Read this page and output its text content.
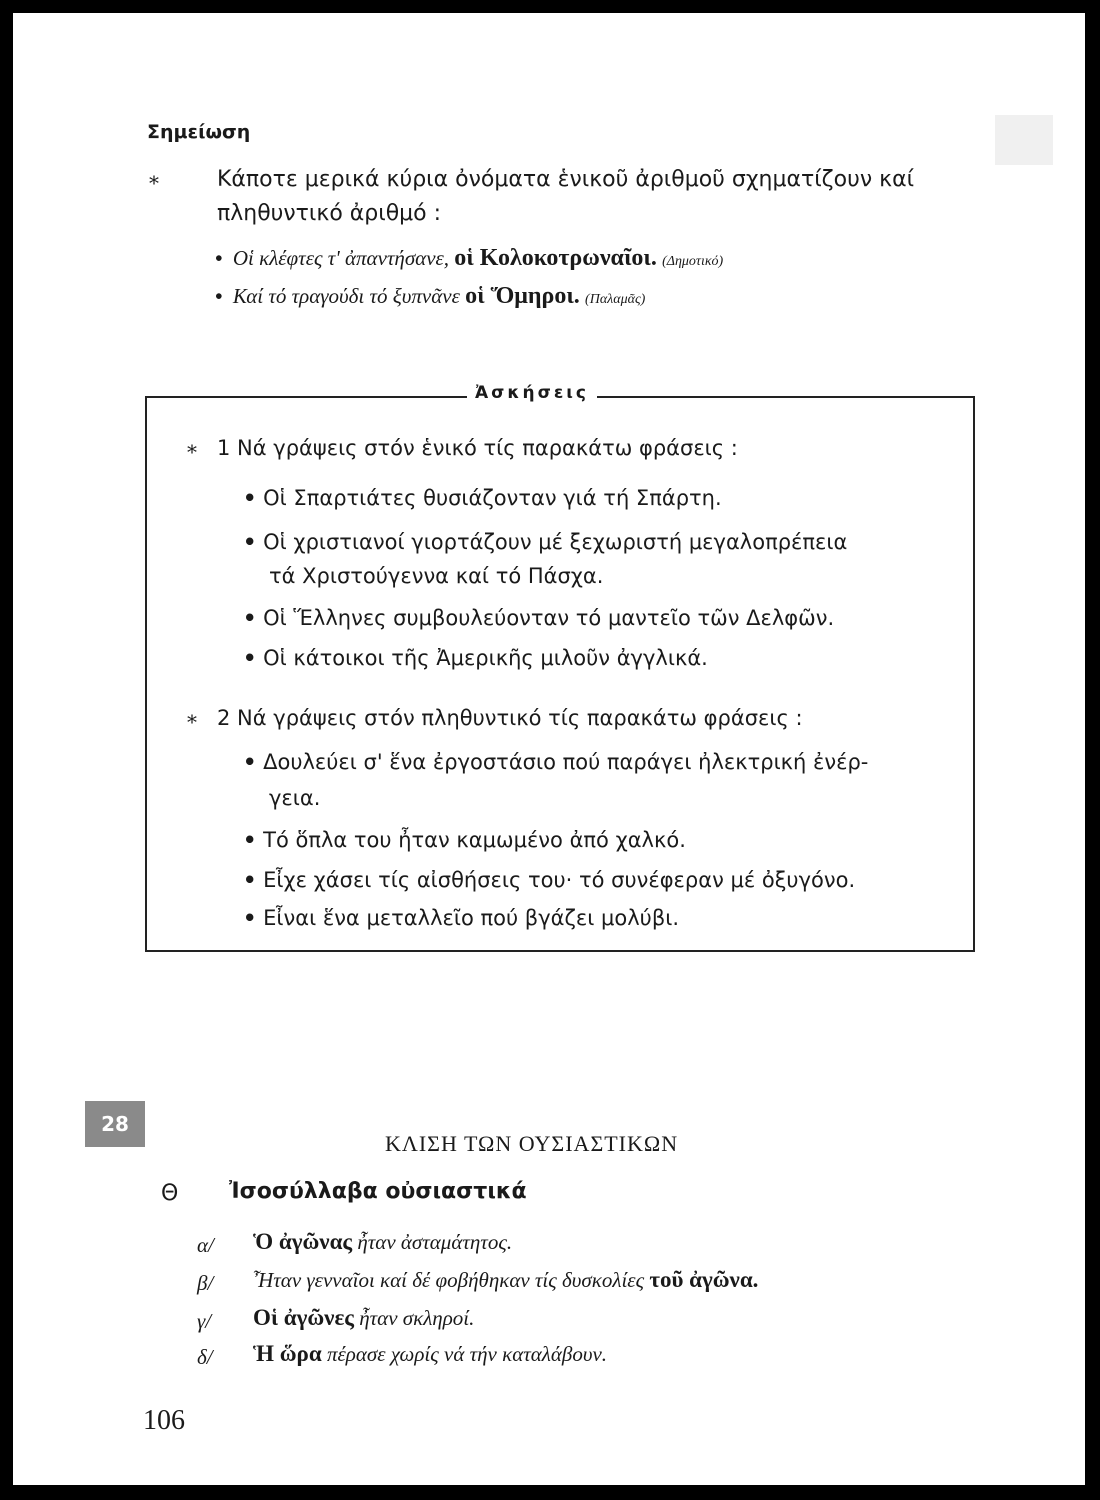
Σημείωση
*	Κάποτε μερικά κύρια ὀνόματα ἑνικοῦ ἀριθμοῦ σχηματίζουν καί
πληθυντικό ἀριθμό :
• Οἱ κλέφτες τ' ἀπαντήσανε, οἱ Κολοκοτρωναῖοι. (Δημοτικό)
• Καί τό τραγούδι τό ξυπνᾶνε οἱ Ὅμηροι. (Παλαμᾶς)
Ἀσκήσεις
* 1 Νά γράψεις στόν ἑνικό τίς παρακάτω φράσεις :
• Οἱ Σπαρτιάτες θυσιάζονταν γιά τή Σπάρτη.
• Οἱ χριστιανοί γιορτάζουν μέ ξεχωριστή μεγαλοπρέπεια
τά Χριστούγεννα καί τό Πάσχα.
• Οἱ Ἕλληνες συμβουλεύονταν τό μαντεῖο τῶν Δελφῶν.
• Οἱ κάτοικοι τῆς Ἀμερικῆς μιλοῦν ἀγγλικά.
* 2 Νά γράψεις στόν πληθυντικό τίς παρακάτω φράσεις :
• Δουλεύει σ' ἕνα ἐργοστάσιο πού παράγει ἠλεκτρική ἐνέρ-
γεια.
• Τό ὅπλα του ἦταν καμωμένο ἀπό χαλκό.
• Εἶχε χάσει τίς αἰσθήσεις του· τό συνέφεραν μέ ὀξυγόνο.
• Εἶναι ἕνα μεταλλεῖο πού βγάζει μολύβι.
28
ΚΛΙΣΗ ΤΩΝ ΟΥΣΙΑΣΤΙΚΩΝ
Θ Ἰσοσύλλαβα οὐσιαστικά
α/ Ὁ ἀγῶνας ἦταν ἀσταμάτητος.
β/ Ἦταν γενναῖοι καί δέ φοβήθηκαν τίς δυσκολίες τοῦ ἀγῶνα.
γ/ Οἱ ἀγῶνες ἦταν σκληροί.
δ/ Ἡ ὥρα πέρασε χωρίς νά τήν καταλάβουν.
106
